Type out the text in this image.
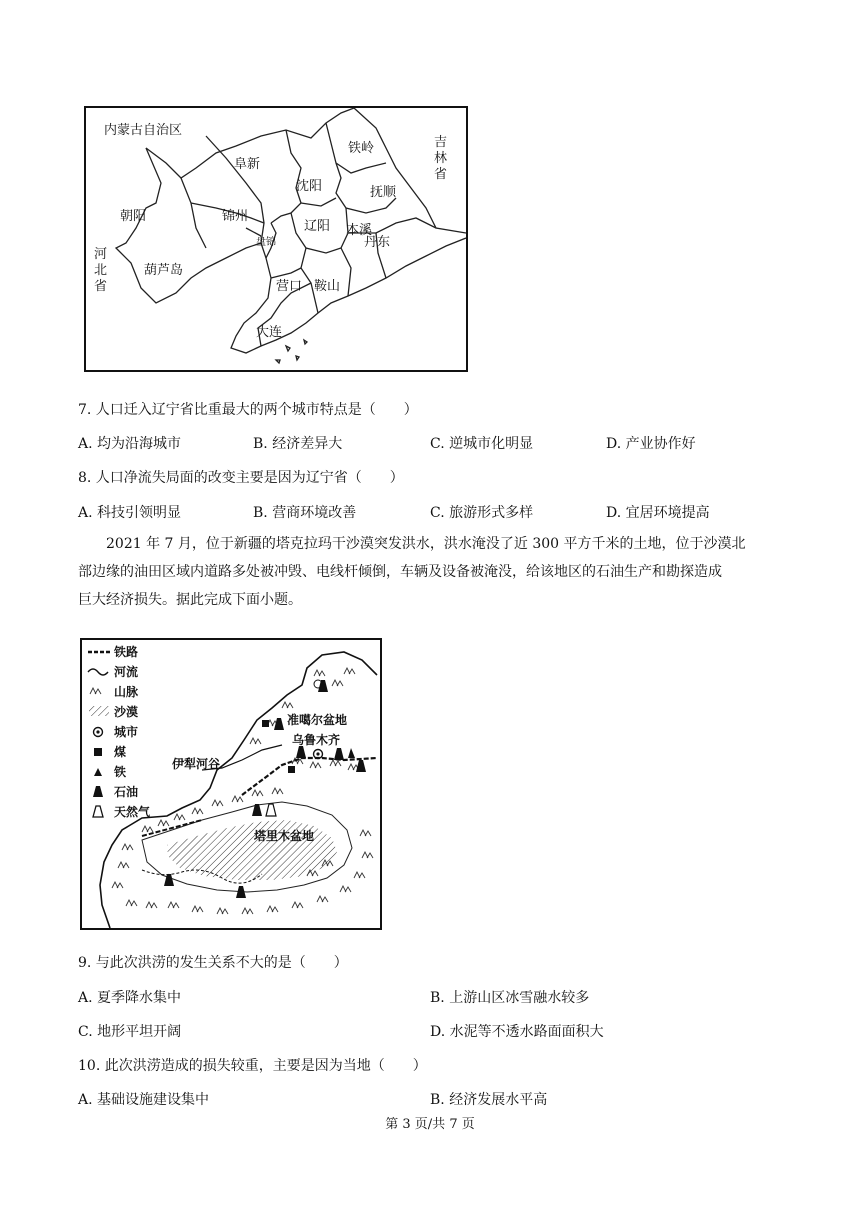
内蒙古自治区
吉
林
省
河
北
省
阜新
铁岭
沈阳	抚顺
朝阳	锦州
辽阳 本溪
盘锦
葫芦岛
丹东
营口 鞍山
大连
7. 人口迁入辽宁省比重最大的两个城市特点是（　　）
A. 均为沿海城市	B. 经济差异大	C. 逆城市化明显	D. 产业协作好
8. 人口净流失局面的改变主要是因为辽宁省（　　）
A. 科技引领明显	B. 营商环境改善	C. 旅游形式多样	D. 宜居环境提高
2021 年 7 月，位于新疆的塔克拉玛干沙漠突发洪水，洪水淹没了近 300 平方千米的土地，位于沙漠北
部边缘的油田区域内道路多处被冲毁、电线杆倾倒，车辆及设备被淹没，给该地区的石油生产和勘探造成
巨大经济损失。据此完成下面小题。
铁路
河流
山脉
沙漠
城市
煤
铁
石油
天然气
准噶尔盆地
乌鲁木齐
伊犁河谷
塔里木盆地
9. 与此次洪涝的发生关系不大的是（　　）
A. 夏季降水集中	B. 上游山区冰雪融水较多
C. 地形平坦开阔	D. 水泥等不透水路面面积大
10. 此次洪涝造成的损失较重，主要是因为当地（　　）
A. 基础设施建设集中	B. 经济发展水平高
第 3 页/共 7 页
